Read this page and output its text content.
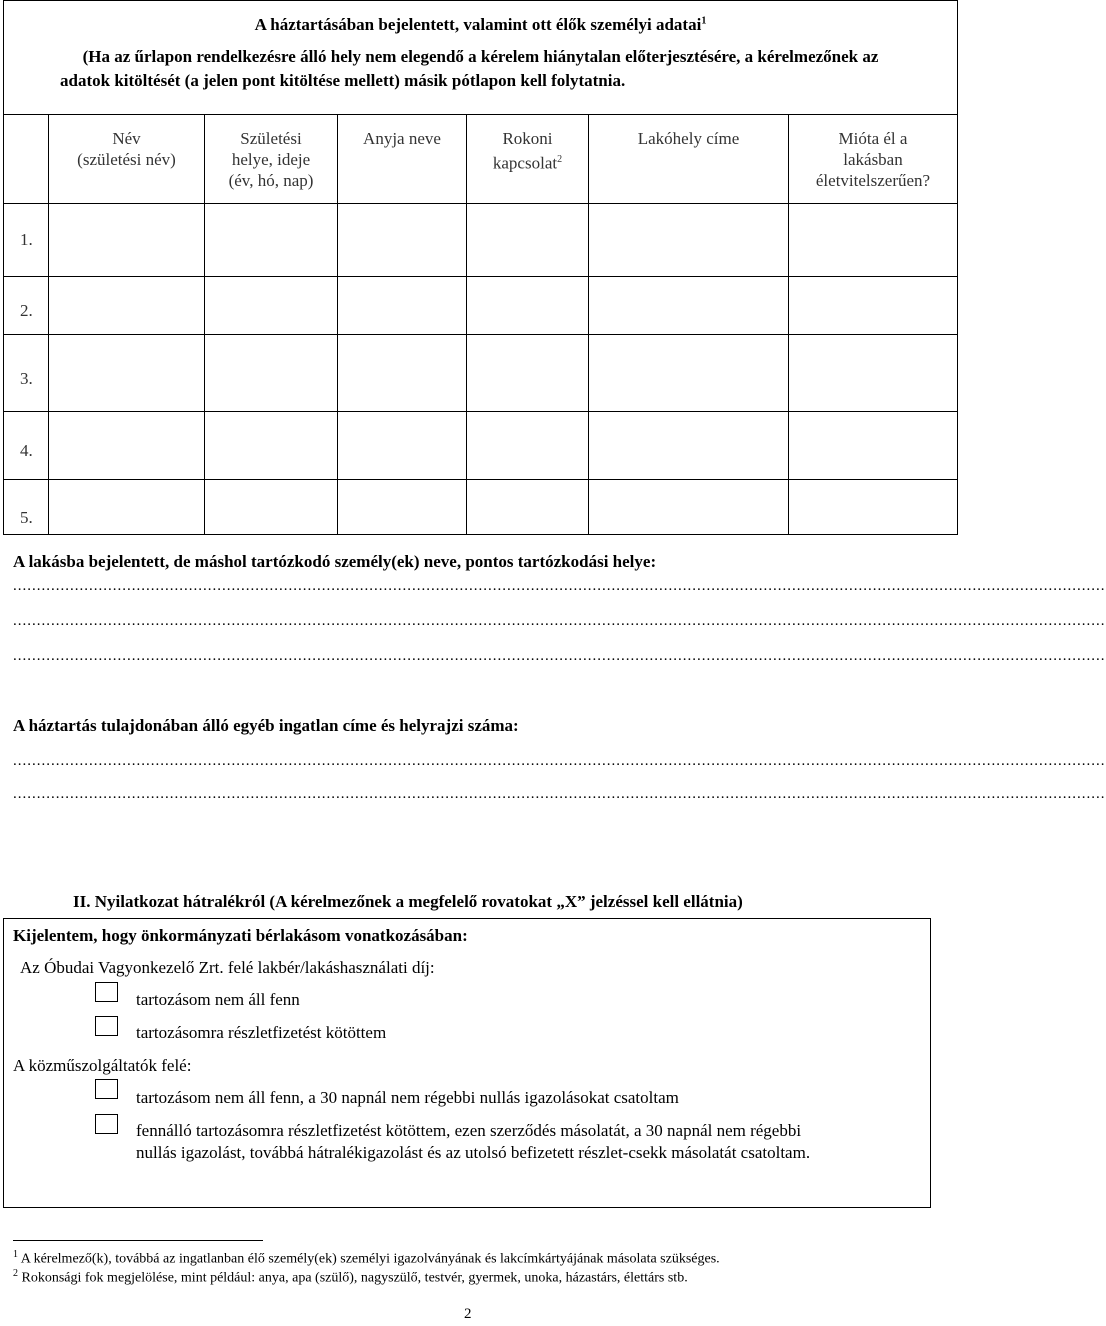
A háztartásában bejelentett, valamint ott élők személyi adatai$^1$
(Ha az űrlapon rendelkezésre álló hely nem elegendő a kérelem hiánytalan előterjesztésére, a kérelmezőnek az
adatok kitöltését (a jelen pont kitöltése mellett) másik pótlapon kell folytatnia.
Név
(születési név)
Születési
helye, ideje
(év, hó, nap)
Anyja neve	Rokoni
kapcsolat$^2$
Lakóhely címe	Mióta él a
lakásban
életvitelszerűen?
1.
2.
3.
4.
5.
A lakásba bejelentett, de máshol tartózkodó személy(ek) neve, pontos tartózkodási helye:
......................................................................................................................................................................................................................................
......................................................................................................................................................................................................................................
......................................................................................................................................................................................................................................
A háztartás tulajdonában álló egyéb ingatlan címe és helyrajzi száma:
......................................................................................................................................................................................................................................
......................................................................................................................................................................................................................................
II. Nyilatkozat hátralékról (A kérelmezőnek a megfelelő rovatokat „X” jelzéssel kell ellátnia)
Kijelentem, hogy önkormányzati bérlakásom vonatkozásában:
Az Óbudai Vagyonkezelő Zrt. felé lakbér/lakáshasználati díj:
tartozásom nem áll fenn
tartozásomra részletfizetést kötöttem
A közműszolgáltatók felé:
tartozásom nem áll fenn, a 30 napnál nem régebbi nullás igazolásokat csatoltam
fennálló tartozásomra részletfizetést kötöttem, ezen szerződés másolatát, a 30 napnál nem régebbi
nullás igazolást, továbbá hátralékigazolást és az utolsó befizetett részlet-csekk másolatát csatoltam.
$^1$ A kérelmező(k), továbbá az ingatlanban élő személy(ek) személyi igazolványának és lakcímkártyájának másolata szükséges.
$^2$ Rokonsági fok megjelölése, mint például: anya, apa (szülő), nagyszülő, testvér, gyermek, unoka, házastárs, élettárs stb.
2
